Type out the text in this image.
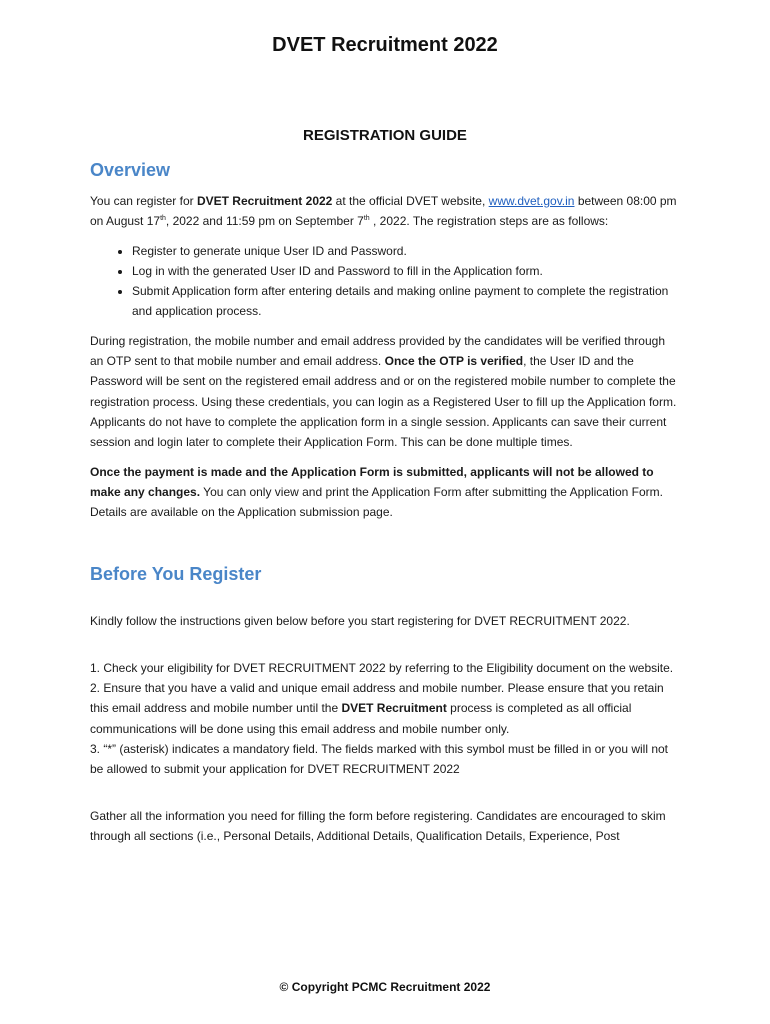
DVET Recruitment 2022
REGISTRATION GUIDE
Overview

You can register for DVET Recruitment 2022 at the official DVET website, www.dvet.gov.in between 08:00 pm on August 17th, 2022 and 11:59 pm on September 7th , 2022. The registration steps are as follows:

• Register to generate unique User ID and Password.
• Log in with the generated User ID and Password to fill in the Application form.
• Submit Application form after entering details and making online payment to complete the registration and application process.

During registration, the mobile number and email address provided by the candidates will be verified through an OTP sent to that mobile number and email address. Once the OTP is verified, the User ID and the Password will be sent on the registered email address and or on the registered mobile number to complete the registration process. Using these credentials, you can login as a Registered User to fill up the Application form. Applicants do not have to complete the application form in a single session. Applicants can save their current session and login later to complete their Application Form. This can be done multiple times.

Once the payment is made and the Application Form is submitted, applicants will not be allowed to make any changes. You can only view and print the Application Form after submitting the Application Form. Details are available on the Application submission page.

Before You Register

Kindly follow the instructions given below before you start registering for DVET RECRUITMENT 2022.

1. Check your eligibility for DVET RECRUITMENT 2022 by referring to the Eligibility document on the website.

2. Ensure that you have a valid and unique email address and mobile number. Please ensure that you retain this email address and mobile number until the DVET Recruitment process is completed as all official communications will be done using this email address and mobile number only.

3. “*” (asterisk) indicates a mandatory field. The fields marked with this symbol must be filled in or you will not be allowed to submit your application for DVET RECRUITMENT 2022

Gather all the information you need for filling the form before registering. Candidates are encouraged to skim through all sections (i.e., Personal Details, Additional Details, Qualification Details, Experience, Post

© Copyright PCMC Recruitment 2022
